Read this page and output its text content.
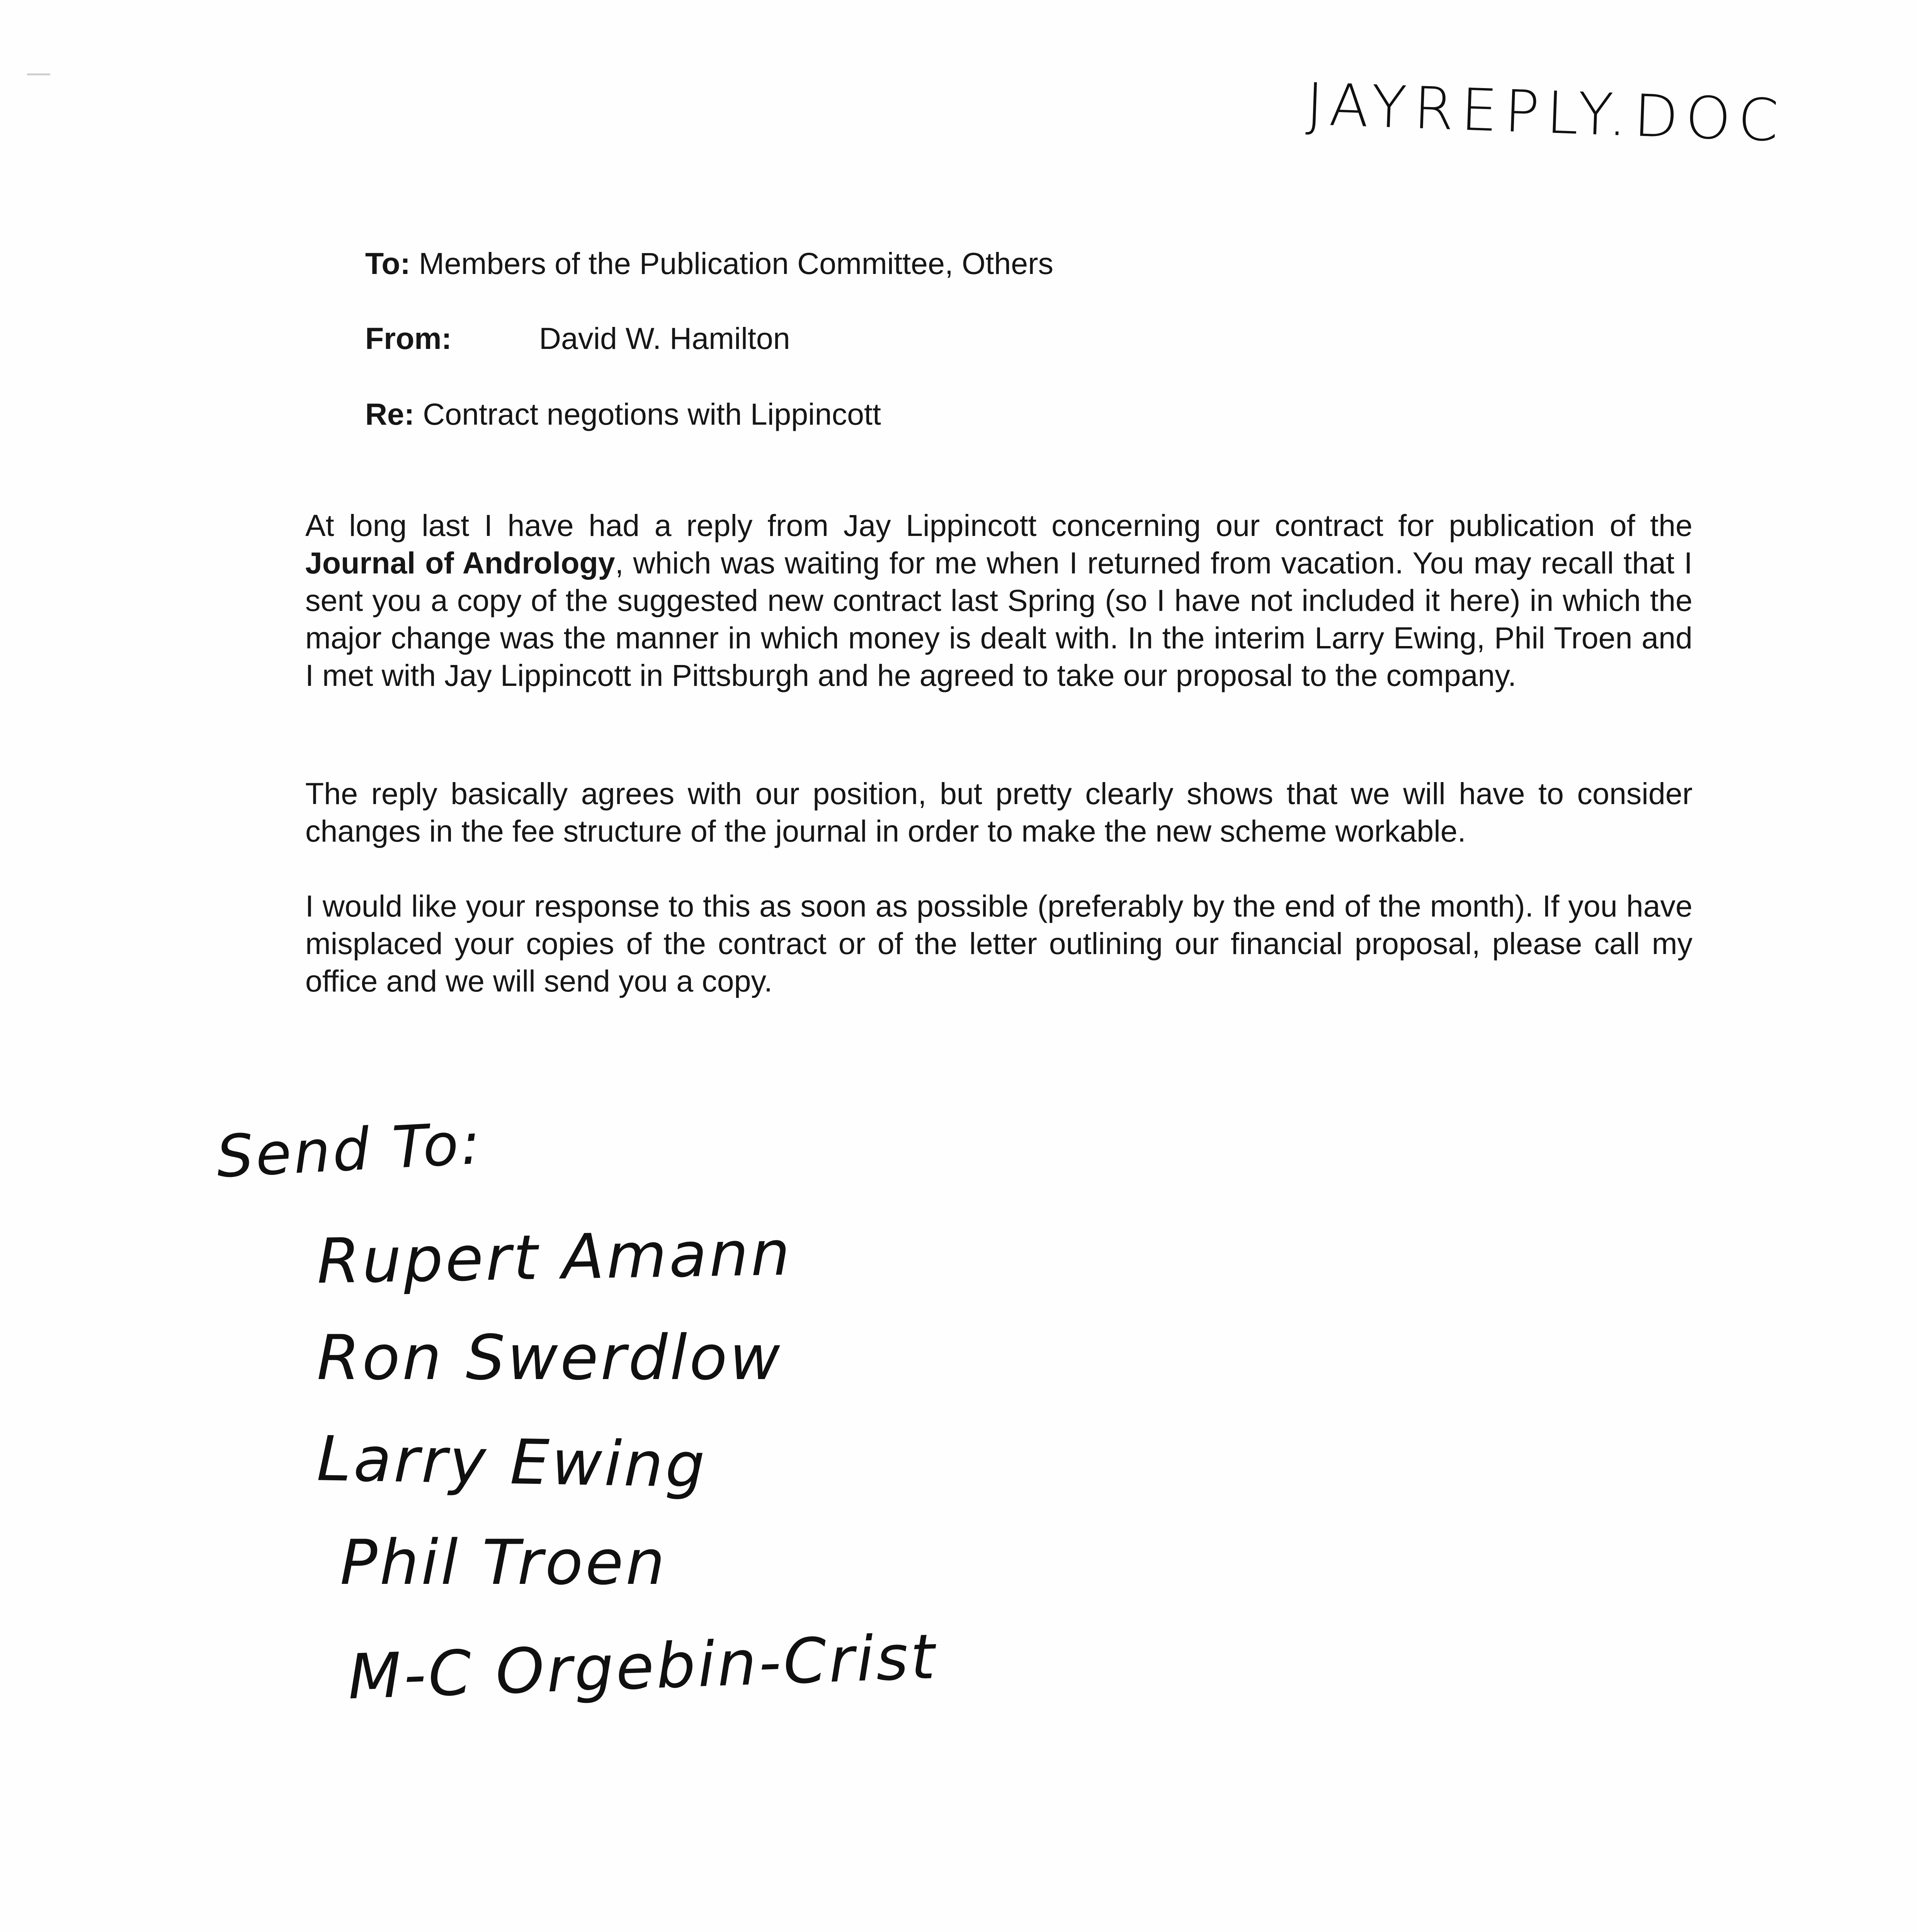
JAYREPLY.DOC
To: Members of the Publication Committee, Others
From:	David W. Hamilton
Re: Contract negotions with Lippincott

At long last I have had a reply from Jay Lippincott concerning our contract for publication of the Journal of Andrology, which was waiting for me when I returned from vacation. You may recall that I sent you a copy of the suggested new contract last Spring (so I have not included it here) in which the major change was the manner in which money is dealt with. In the interim Larry Ewing, Phil Troen and I met with Jay Lippincott in Pittsburgh and he agreed to take our proposal to the company.

The reply basically agrees with our position, but pretty clearly shows that we will have to consider changes in the fee structure of the journal in order to make the new scheme workable.

I would like your response to this as soon as possible (preferably by the end of the month). If you have misplaced your copies of the contract or of the letter outlining our financial proposal, please call my office and we will send you a copy.

Send To:
Rupert Amann
Ron Swerdlow
Larry Ewing
Phil Troen
M-C Orgebin-Crist
